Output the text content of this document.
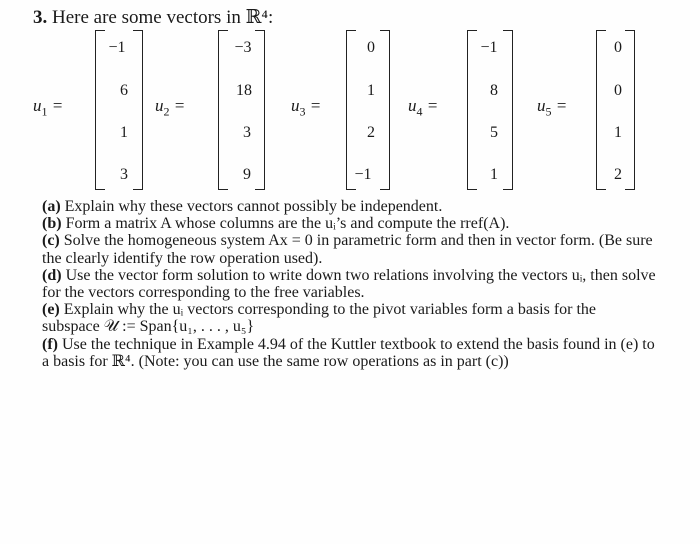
3. Here are some vectors in ℝ⁴:
$u_1$ =
−1
6
1
3
$u_2$ =
−3
18
3
9
$u_3$ =
0
1
2
−1
$u_4$ =
−1
8
5
1
$u_5$ =
0
0
1
2

(a) Explain why these vectors cannot possibly be independent.

(b) Form a matrix A whose columns are the uᵢ’s and compute the rref(A).

(c) Solve the homogeneous system Ax = 0 in parametric form and then in vector form. (Be sure the clearly identify the row operation used).

(d) Use the vector form solution to write down two relations involving the vectors uᵢ, then solve for the vectors corresponding to the free variables.

(e) Explain why the uᵢ vectors corresponding to the pivot variables form a basis for the subspace 𝒰 := Span{u₁, . . . , u₅}

(f) Use the technique in Example 4.94 of the Kuttler textbook to extend the basis found in (e) to a basis for ℝ⁴. (Note: you can use the same row operations as in part (c))
